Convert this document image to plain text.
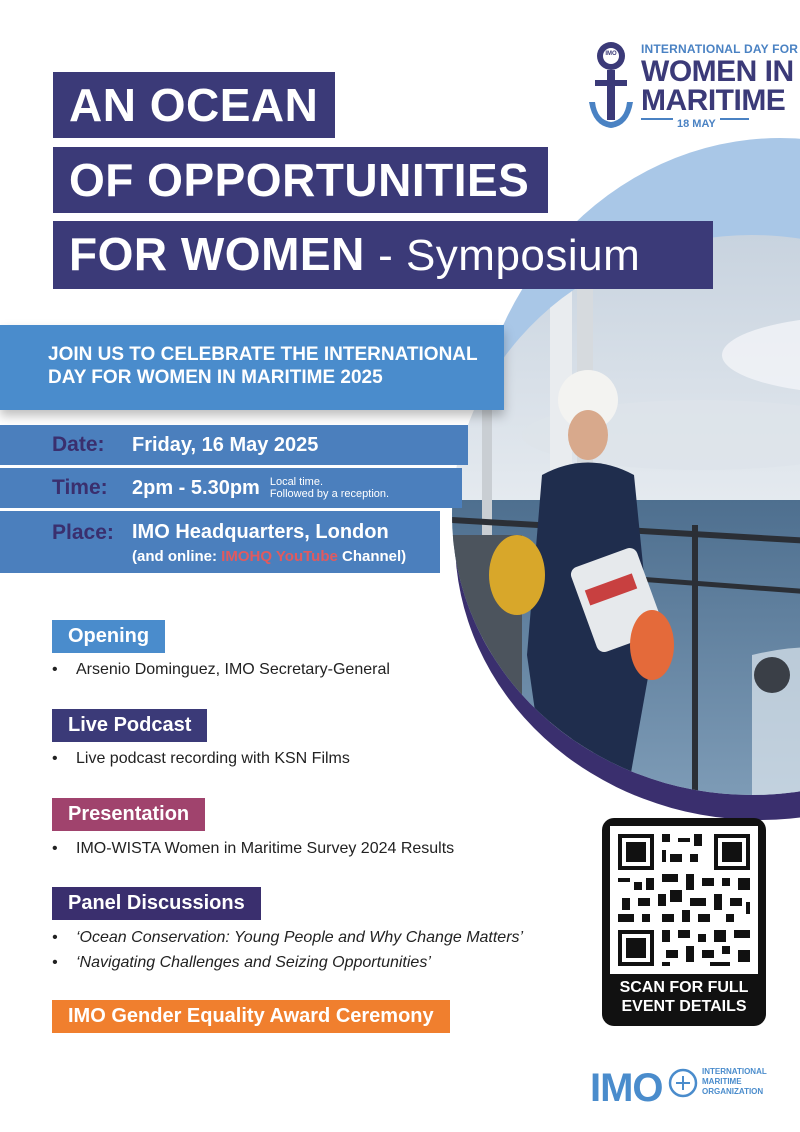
IMO	INTERNATIONAL DAY FOR
WOMEN IN
MARITIME
18 MAY
AN OCEAN
OF OPPORTUNITIES
FOR WOMEN - Symposium
JOIN US TO CELEBRATE THE INTERNATIONAL
DAY FOR WOMEN IN MARITIME 2025
Date:	Friday, 16 May 2025
Time:	2pm - 5.30pm Local time.
Followed by a reception.
Place: IMO Headquarters, London
(and online: IMOHQ YouTube Channel)
Opening
• Arsenio Dominguez, IMO Secretary-General
Live Podcast
• Live podcast recording with KSN Films
Presentation
• IMO-WISTA Women in Maritime Survey 2024 Results
Panel Discussions
• ‘Ocean Conservation: Young People and Why Change Matters’
• ‘Navigating Challenges and Seizing Opportunities’
IMO Gender Equality Award Ceremony
SCAN FOR FULL
EVENT DETAILS
IMO	INTERNATIONAL
MARITIME
ORGANIZATION
